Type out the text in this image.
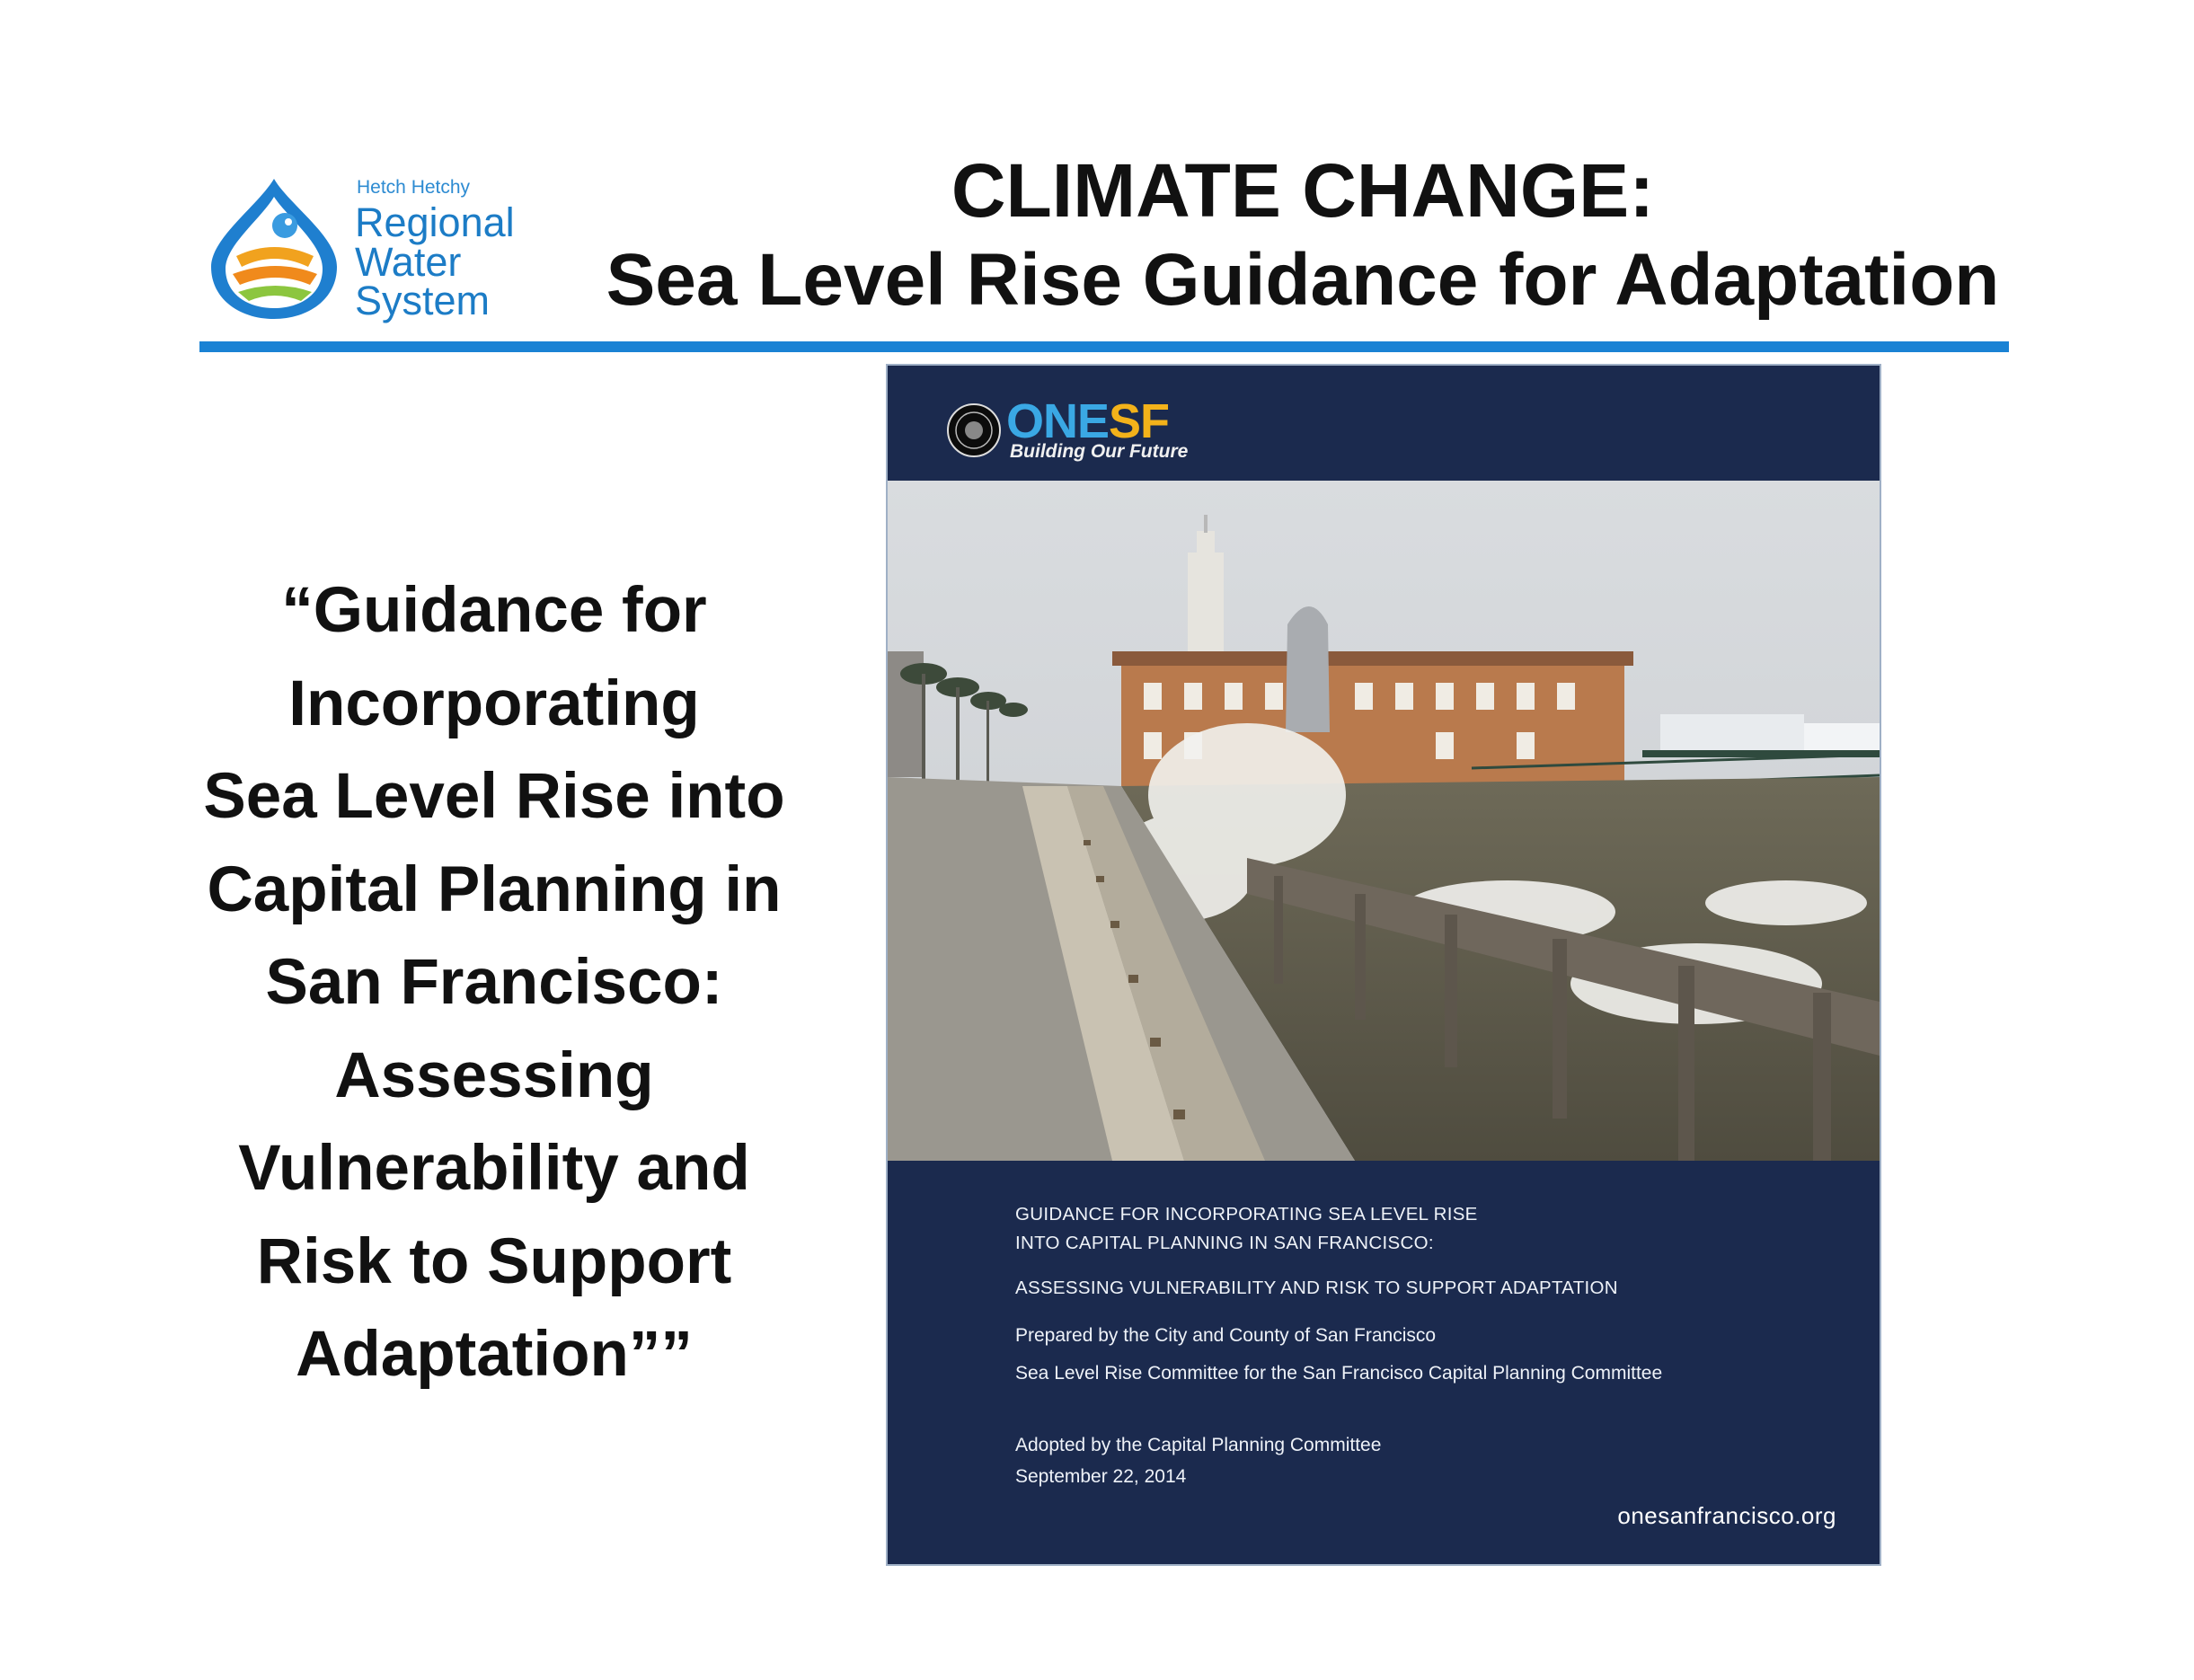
Hetch Hetchy
Regional
Water
System
CLIMATE CHANGE:
Sea Level Rise Guidance for Adaptation
“Guidance for
Incorporating
Sea Level Rise into
Capital Planning in
San Francisco:
Assessing
Vulnerability and
Risk to Support
Adaptation””
ONESF
Building Our Future
GUIDANCE FOR INCORPORATING SEA LEVEL RISE
INTO CAPITAL PLANNING IN SAN FRANCISCO:
ASSESSING VULNERABILITY AND RISK TO SUPPORT ADAPTATION
Prepared by the City and County of San Francisco
Sea Level Rise Committee for the San Francisco Capital Planning Committee
Adopted by the Capital Planning Committee
September 22, 2014
onesanfrancisco.org
